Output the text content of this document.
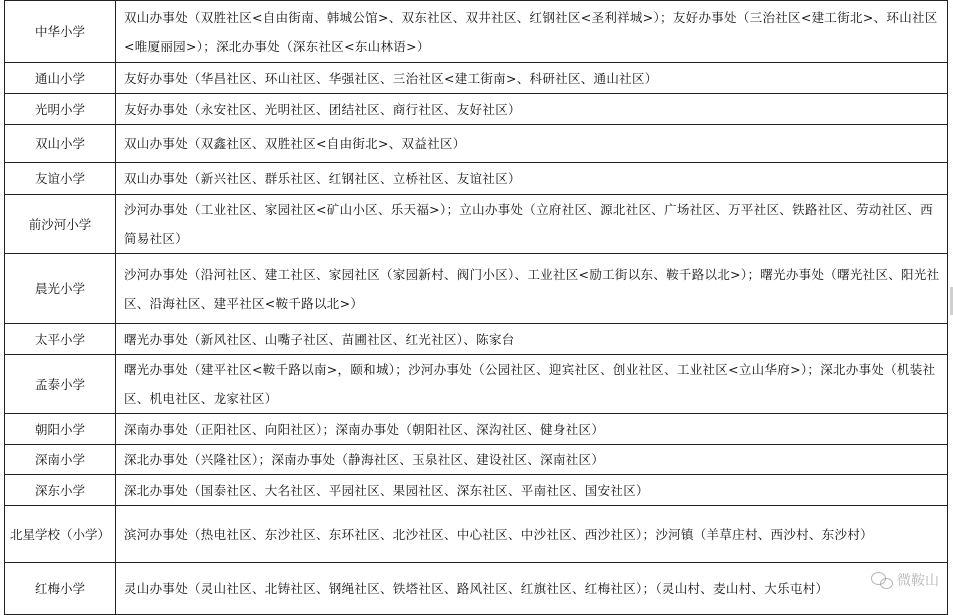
中华小学	双山办事处（双胜社区<自由街南、韩城公馆>、双东社区、双井社区、红钢社区<圣利祥城>）；友好办事处（三治社区<建工街北>、环山社区<唯厦丽园>）；深北办事处（深东社区<东山林语>）
通山小学	友好办事处（华昌社区、环山社区、华强社区、三治社区<建工街南>、科研社区、通山社区）
光明小学	友好办事处（永安社区、光明社区、团结社区、商行社区、友好社区）
双山小学	双山办事处（双鑫社区、双胜社区<自由街北>、双益社区）
友谊小学	双山办事处（新兴社区、群乐社区、红钢社区、立桥社区、友谊社区）
前沙河小学	沙河办事处（工业社区、家园社区<矿山小区、乐天福>）；立山办事处（立府社区、源北社区、广场社区、万平社区、铁路社区、劳动社区、西简易社区）
晨光小学	沙河办事处（沿河社区、建工社区、家园社区（家园新村、阀门小区）、工业社区<励工街以东、鞍千路以北>）；曙光办事处（曙光社区、阳光社区、沿海社区、建平社区<鞍千路以北>）
太平小学	曙光办事处（新风社区、山嘴子社区、苗圃社区、红光社区）、陈家台
孟泰小学	曙光办事处（建平社区<鞍千路以南>，颐和城）；沙河办事处（公园社区、迎宾社区、创业社区、工业社区<立山华府>）；深北办事处（机装社区、机电社区、龙家社区）
朝阳小学	深南办事处（正阳社区、向阳社区）；深南办事处（朝阳社区、深沟社区、健身社区）
深南小学	深北办事处（兴隆社区）；深南办事处（静海社区、玉泉社区、建设社区、深南社区）
深东小学	深北办事处（国泰社区、大名社区、平园社区、果园社区、深东社区、平南社区、国安社区）
北星学校（小学）	滨河办事处（热电社区、东沙社区、东环社区、北沙社区、中心社区、中沙社区、西沙社区）；沙河镇（羊草庄村、西沙村、东沙村）
红梅小学	灵山办事处（灵山社区、北铸社区、钢绳社区、铁塔社区、路风社区、红旗社区、红梅社区）；（灵山村、麦山村、大乐屯村）	微鞍山
